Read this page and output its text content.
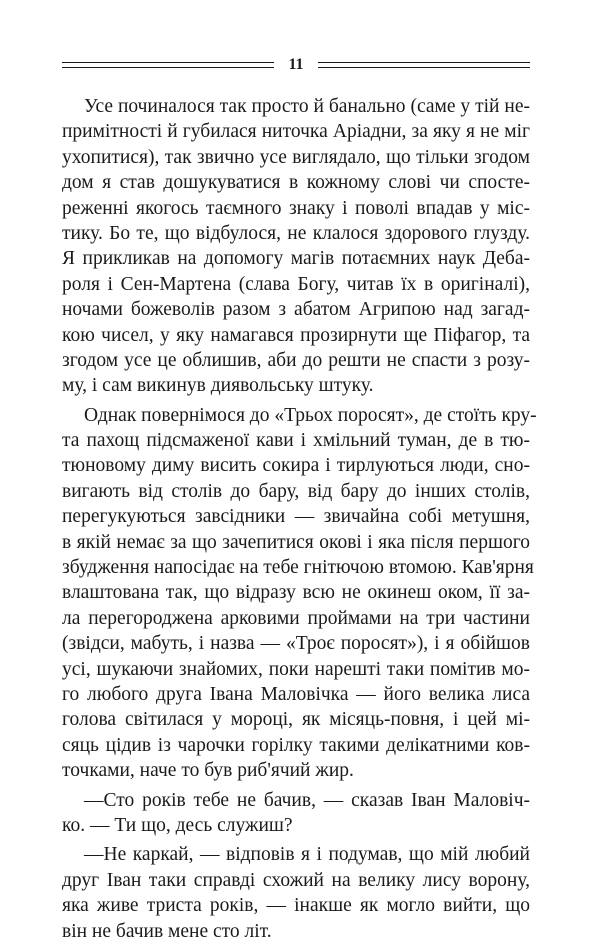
11
Усе починалося так просто й банально (саме у тій не-
примітності й губилася ниточка Аріадни, за яку я не міг
ухопитися), так звично усе виглядало, що тільки згодом
дом я став дошукуватися в кожному слові чи спосте-
реженні якогось таємного знаку і поволі впадав у міс-
тику. Бо те, що відбулося, не клалося здорового глузду.
Я прикликав на допомогу магів потаємних наук Деба-
роля і Сен-Мартена (слава Богу, читав їх в оригіналі),
ночами божеволів разом з абатом Агрипою над загад-
кою чисел, у яку намагався прозирнути ще Піфагор, та
згодом усе це облишив, аби до решти не спасти з розу-
му, і сам викинув диявольську штуку.
Однак повернімося до «Трьох поросят», де стоїть кру-
та пахощ підсмаженої кави і хмільний туман, де в тю-
тюновому диму висить сокира і тирлуються люди, сно-
вигають від столів до бару, від бару до інших столів,
перегукуються завсідники — звичайна собі метушня,
в якій немає за що зачепитися окові і яка після першого
збудження напосідає на тебе гнітючою втомою. Кав'ярня
влаштована так, що відразу всю не окинеш оком, її за-
ла перегороджена арковими проймами на три частини
(звідси, мабуть, і назва — «Троє поросят»), і я обійшов
усі, шукаючи знайомих, поки нарешті таки помітив мо-
го любого друга Івана Маловічка — його велика лиса
голова світилася у мороці, як місяць-повня, і цей мі-
сяць цідив із чарочки горілку такими делікатними ков-
точками, наче то був риб'ячий жир.
—Сто років тебе не бачив, — сказав Іван Маловіч-
ко. — Ти що, десь служиш?
—Не каркай, — відповів я і подумав, що мій любий
друг Іван таки справді схожий на велику лису ворону,
яка живе триста років, — інакше як могло вийти, що
він не бачив мене сто літ.
